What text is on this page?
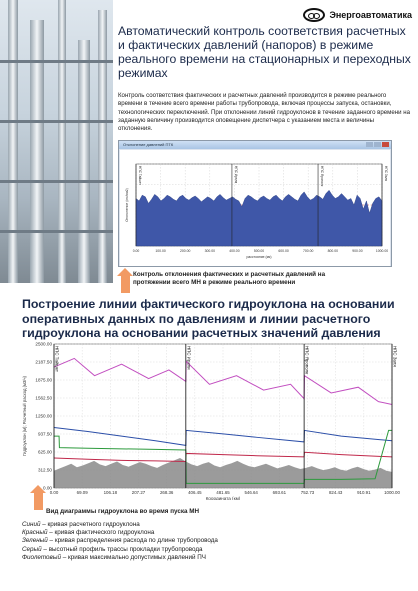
Энергоавтоматика
Автоматический контроль соответствия расчетных и фактических давлений (напоров) в режиме реального времени на стационарных и переходных режимах

Контроль соответствия фактических и расчетных давлений производится в режиме реального времени в течение всего времени работы трубопровода, включая процессы запуска, остановки, технологических переключений. При отклонении линий гидроуклонов в течение заданного времени на заданную величину производится оповещение диспетчера с указанием места и величины отклонения.

Отклонение давлений ПТК
0.00	100.00	200.00	300.00	400.00	500.00	600.00	700.00	800.00	900.00	1000.00
НПС Тайшет	НПС Ирели	НПС Ярополк	НПС Заля
расстояние (км)
Отклонение (кгс/см2)

Контроль отклонения фактических и расчетных давлений на протяжении всего МН в режиме реального времени

Построение линии фактического гидроуклона на основании оперативных данных по давлениям и линии расчетного гидроуклона на основании расчетных значений давления
2500.00
2187.50
1875.00
1562.50
1250.00
937.50
625.00
312.50
0.00
0.00	69.09	106.18	207.27	268.36	406.45	481.65	546.64	693.61	752.73	824.43	910.91	1000.00
НПС Тайшет	НПС Ирели	НПС Ярополк	НПС Заля
Координата (км)
Гидроуклон (м); Расчетный расход (м3/ч)

Вид диаграммы гидроуклона во время пуска МН

Синий – кривая расчетного гидроуклона
Красный – кривая фактического гидроуклона
Зеленый – кривая распределения расхода по длине трубопровода
Серый – высотный профиль трассы прокладки трубопровода
Фиолетовый – кривая максимально допустимых давлений ПЧ
